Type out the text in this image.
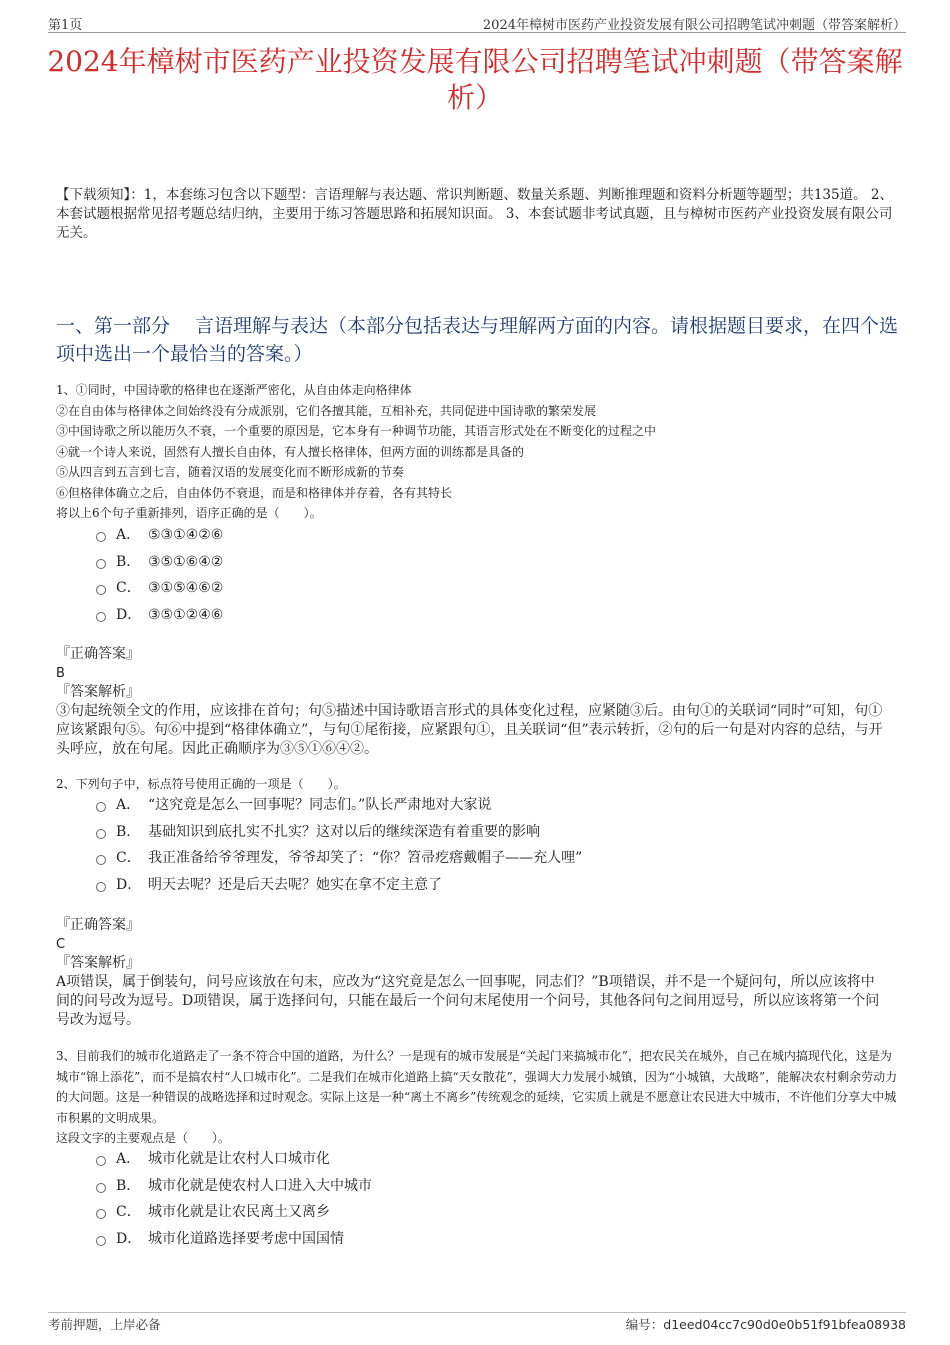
第1页	2024年樟树市医药产业投资发展有限公司招聘笔试冲刺题（带答案解析）
2024年樟树市医药产业投资发展有限公司招聘笔试冲刺题（带答案解析）
【下载须知】：1，本套练习包含以下题型：言语理解与表达题、常识判断题、数量关系题、判断推理题和资料分析题等题型；共135道。 2、本套试题根据常见招考题总结归纳，主要用于练习答题思路和拓展知识面。 3、本套试题非考试真题，且与樟树市医药产业投资发展有限公司无关。
一、第一部分　 言语理解与表达（本部分包括表达与理解两方面的内容。请根据题目要求，在四个选项中选出一个最恰当的答案。）
1、①同时，中国诗歌的格律也在逐渐严密化，从自由体走向格律体
②在自由体与格律体之间始终没有分成派别，它们各擅其能，互相补充，共同促进中国诗歌的繁荣发展
③中国诗歌之所以能历久不衰，一个重要的原因是，它本身有一种调节功能，其语言形式处在不断变化的过程之中
④就一个诗人来说，固然有人擅长自由体，有人擅长格律体，但两方面的训练都是具备的
⑤从四言到五言到七言，随着汉语的发展变化而不断形成新的节奏
⑥但格律体确立之后，自由体仍不衰退，而是和格律体并存着，各有其特长
将以上6个句子重新排列，语序正确的是（　　）。
A． ⑤③①④②⑥
B． ③⑤①⑥④②
C． ③①⑤④⑥②
D． ③⑤①②④⑥
『正确答案』
B
『答案解析』
③句起统领全文的作用，应该排在首句；句⑤描述中国诗歌语言形式的具体变化过程，应紧随③后。由句①的关联词“同时”可知，句①应该紧跟句⑤。句⑥中提到“格律体确立”，与句①尾衔接，应紧跟句①，且关联词“但”表示转折，②句的后一句是对内容的总结，与开头呼应，放在句尾。因此正确顺序为③⑤①⑥④②。
2、下列句子中，标点符号使用正确的一项是（　　）。
A． “这究竟是怎么一回事呢？同志们。”队长严肃地对大家说
B． 基础知识到底扎实不扎实？这对以后的继续深造有着重要的影响
C． 我正准备给爷爷理发，爷爷却笑了：“你？笤帚疙瘩戴帽子——充人哩”
D． 明天去呢？还是后天去呢？她实在拿不定主意了
『正确答案』
C
『答案解析』
A项错误，属于倒装句，问号应该放在句末，应改为“这究竟是怎么一回事呢，同志们？”B项错误，并不是一个疑问句，所以应该将中间的问号改为逗号。D项错误，属于选择问句，只能在最后一个问句末尾使用一个问号，其他各问句之间用逗号，所以应该将第一个问号改为逗号。
3、目前我们的城市化道路走了一条不符合中国的道路，为什么？一是现有的城市发展是“关起门来搞城市化”，把农民关在城外，自己在城内搞现代化，这是为城市“锦上添花”，而不是搞农村“人口城市化”。二是我们在城市化道路上搞“天女散花”，强调大力发展小城镇，因为“小城镇，大战略”，能解决农村剩余劳动力的大问题。这是一种错误的战略选择和过时观念。实际上这是一种“离土不离乡”传统观念的延续，它实质上就是不愿意让农民进大中城市，不许他们分享大中城市积累的文明成果。
这段文字的主要观点是（　　）。
A． 城市化就是让农村人口城市化
B． 城市化就是使农村人口进入大中城市
C． 城市化就是让农民离土又离乡
D． 城市化道路选择要考虑中国国情
考前押题，上岸必备	编号：d1eed04cc7c90d0e0b51f91bfea08938
